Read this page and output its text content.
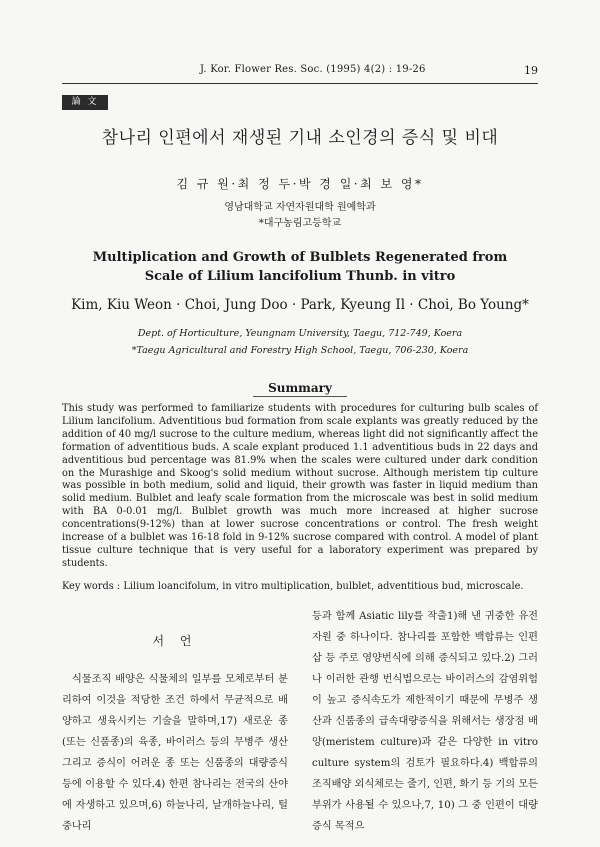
J. Kor. Flower Res. Soc. (1995) 4(2) : 19-26	19
論 文
참나리 인편에서 재생된 기내 소인경의 증식 및 비대
김 규 원·최 정 두·박 경 일·최 보 영*
영남대학교 자연자원대학 원예학과
*대구농림고등학교
Multiplication and Growth of Bulblets Regenerated from
Scale of Lilium lancifolium Thunb. in vitro
Kim, Kiu Weon · Choi, Jung Doo · Park, Kyeung Il · Choi, Bo Young*
Dept. of Horticulture, Yeungnam University, Taegu, 712-749, Koera
*Taegu Agricultural and Forestry High School, Taegu, 706-230, Koera
Summary
This study was performed to familiarize students with procedures for culturing bulb scales of Lilium lancifolium. Adventitious bud formation from scale explants was greatly reduced by the addition of 40 mg/l sucrose to the culture medium, whereas light did not significantly affect the formation of adventitious buds. A scale explant produced 1.1 adventitious buds in 22 days and adventitious bud percentage was 81.9% when the scales were cultured under dark condition on the Murashige and Skoog's solid medium without sucrose. Although meristem tip culture was possible in both medium, solid and liquid, their growth was faster in liquid medium than solid medium. Bulblet and leafy scale formation from the microscale was best in solid medium with BA 0-0.01 mg/l. Bulblet growth was much more increased at higher sucrose concentrations(9-12%) than at lower sucrose concentrations or control. The fresh weight increase of a bulblet was 16-18 fold in 9-12% sucrose compared with control. A model of plant tissue culture technique that is very useful for a laboratory experiment was prepared by students.
Key words : Lilium loancifolum, in vitro multiplication, bulblet, adventitious bud, microscale.
서 언
식물조직 배양은 식물체의 일부를 모체로부터 분리하여 이것을 적당한 조건 하에서 무균적으로 배양하고 생육시키는 기술을 말하며,17) 새로운 종(또는 신품종)의 육종, 바이러스 등의 무병주 생산 그리고 증식이 어려운 종 또는 신품종의 대량증식 등에 이용할 수 있다.4) 한편 참나리는 전국의 산야에 자생하고 있으며,6) 하늘나리, 날개하늘나리, 털중나리
등과 함께 Asiatic lily를 작출1)해 낸 귀중한 유전자원 중 하나이다. 참나리를 포함한 백합류는 인편삽 등 주로 영양번식에 의해 증식되고 있다.2) 그러나 이러한 관행 번식법으로는 바이러스의 감염위험이 높고 증식속도가 제한적이기 때문에 무병주 생산과 신품종의 급속대량증식을 위해서는 생장점 배양(meristem culture)과 같은 다양한 in vitro culture system의 검토가 필요하다.4) 백합류의 조직배양 외식체로는 줄기, 인편, 화기 등 기의 모든 부위가 사용될 수 있으나,7, 10) 그 중 인편이 대량증식 목적으
